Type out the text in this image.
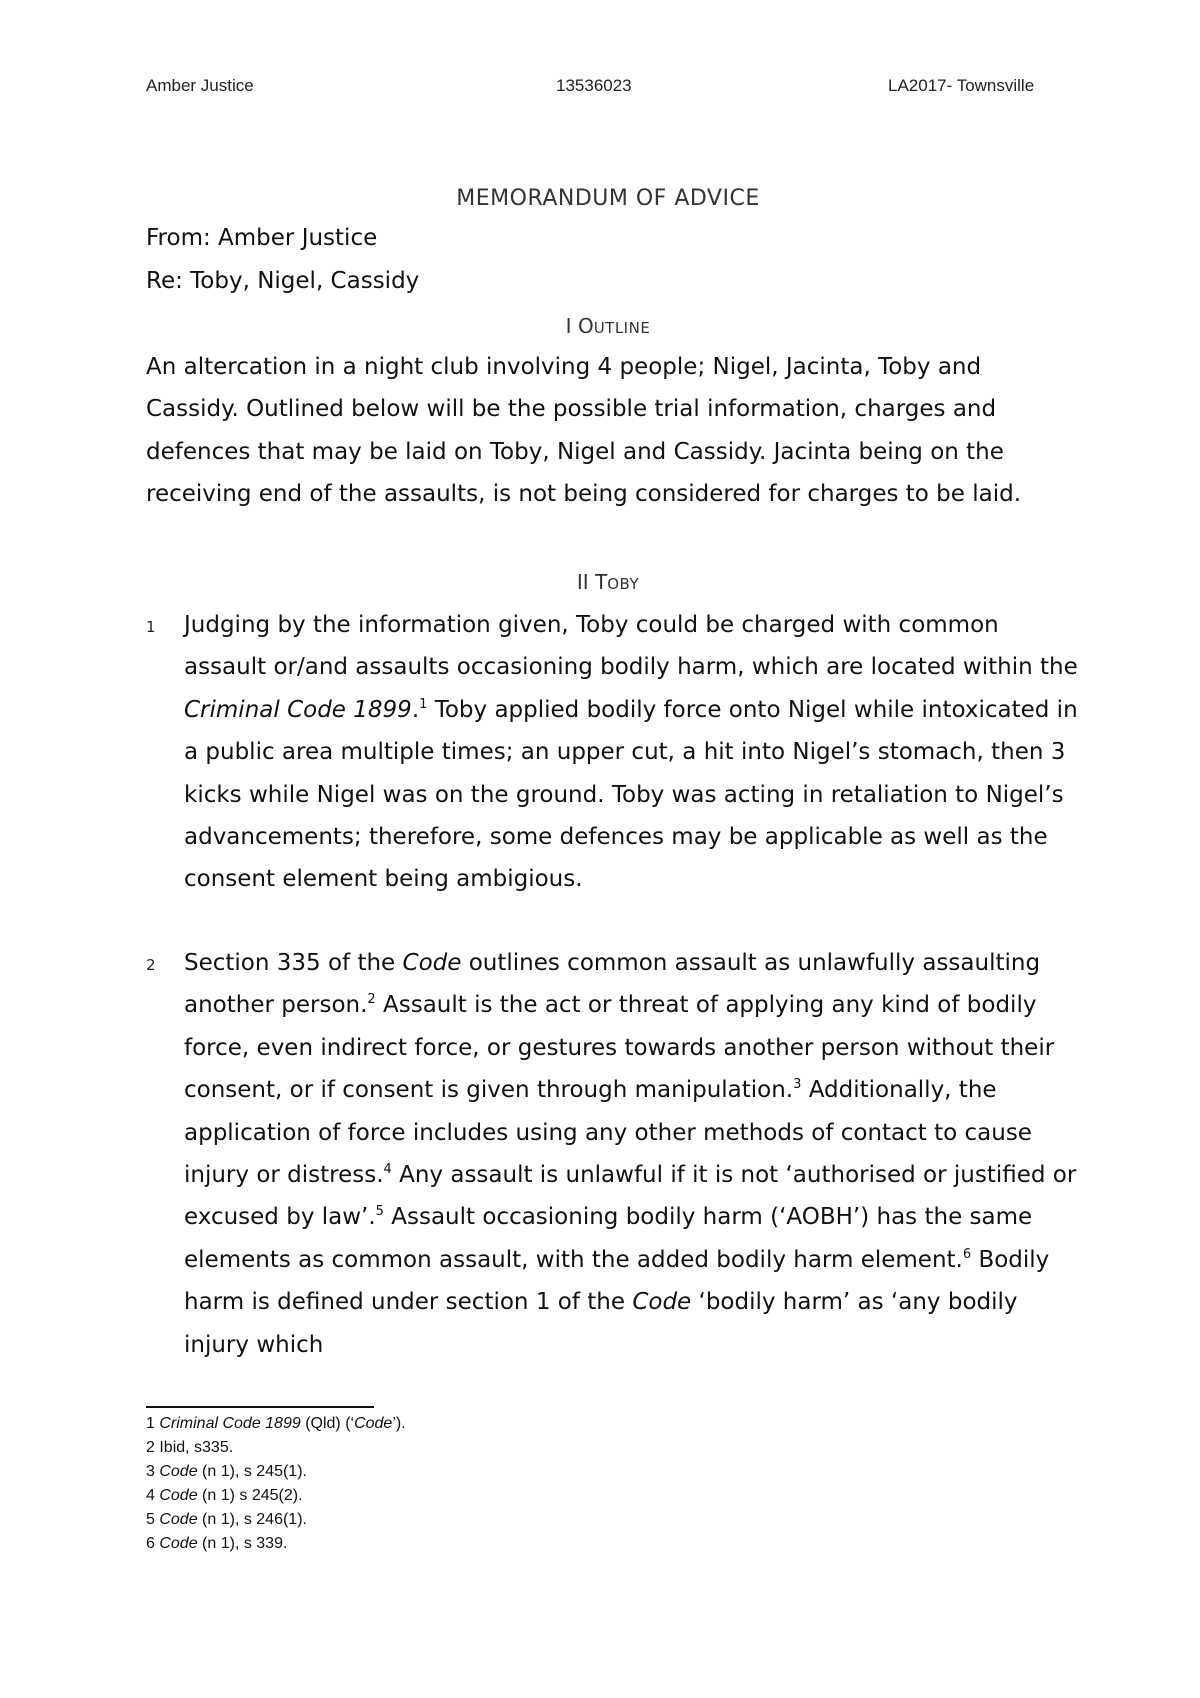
Amber Justice	13536023	LA2017- Townsville
MEMORANDUM OF ADVICE
From: Amber Justice
Re: Toby, Nigel, Cassidy
I OUTLINE
An altercation in a night club involving 4 people; Nigel, Jacinta, Toby and Cassidy. Outlined below will be the possible trial information, charges and defences that may be laid on Toby, Nigel and Cassidy. Jacinta being on the receiving end of the assaults, is not being considered for charges to be laid.
II TOBY
1 Judging by the information given, Toby could be charged with common assault or/and assaults occasioning bodily harm, which are located within the Criminal Code 1899.$^1$ Toby applied bodily force onto Nigel while intoxicated in a public area multiple times; an upper cut, a hit into Nigel’s stomach, then 3 kicks while Nigel was on the ground. Toby was acting in retaliation to Nigel’s advancements; therefore, some defences may be applicable as well as the consent element being ambigious.
2 Section 335 of the Code outlines common assault as unlawfully assaulting another person.$^2$ Assault is the act or threat of applying any kind of bodily force, even indirect force, or gestures towards another person without their consent, or if consent is given through manipulation.$^3$ Additionally, the application of force includes using any other methods of contact to cause injury or distress.$^4$ Any assault is unlawful if it is not ‘authorised or justified or excused by law’.$^5$ Assault occasioning bodily harm (‘AOBH’) has the same elements as common assault, with the added bodily harm element.$^6$ Bodily harm is defined under section 1 of the Code ‘bodily harm’ as ‘any bodily injury which
1 Criminal Code 1899 (Qld) (‘Code’).
2 Ibid, s335.
3 Code (n 1), s 245(1).
4 Code (n 1) s 245(2).
5 Code (n 1), s 246(1).
6 Code (n 1), s 339.
